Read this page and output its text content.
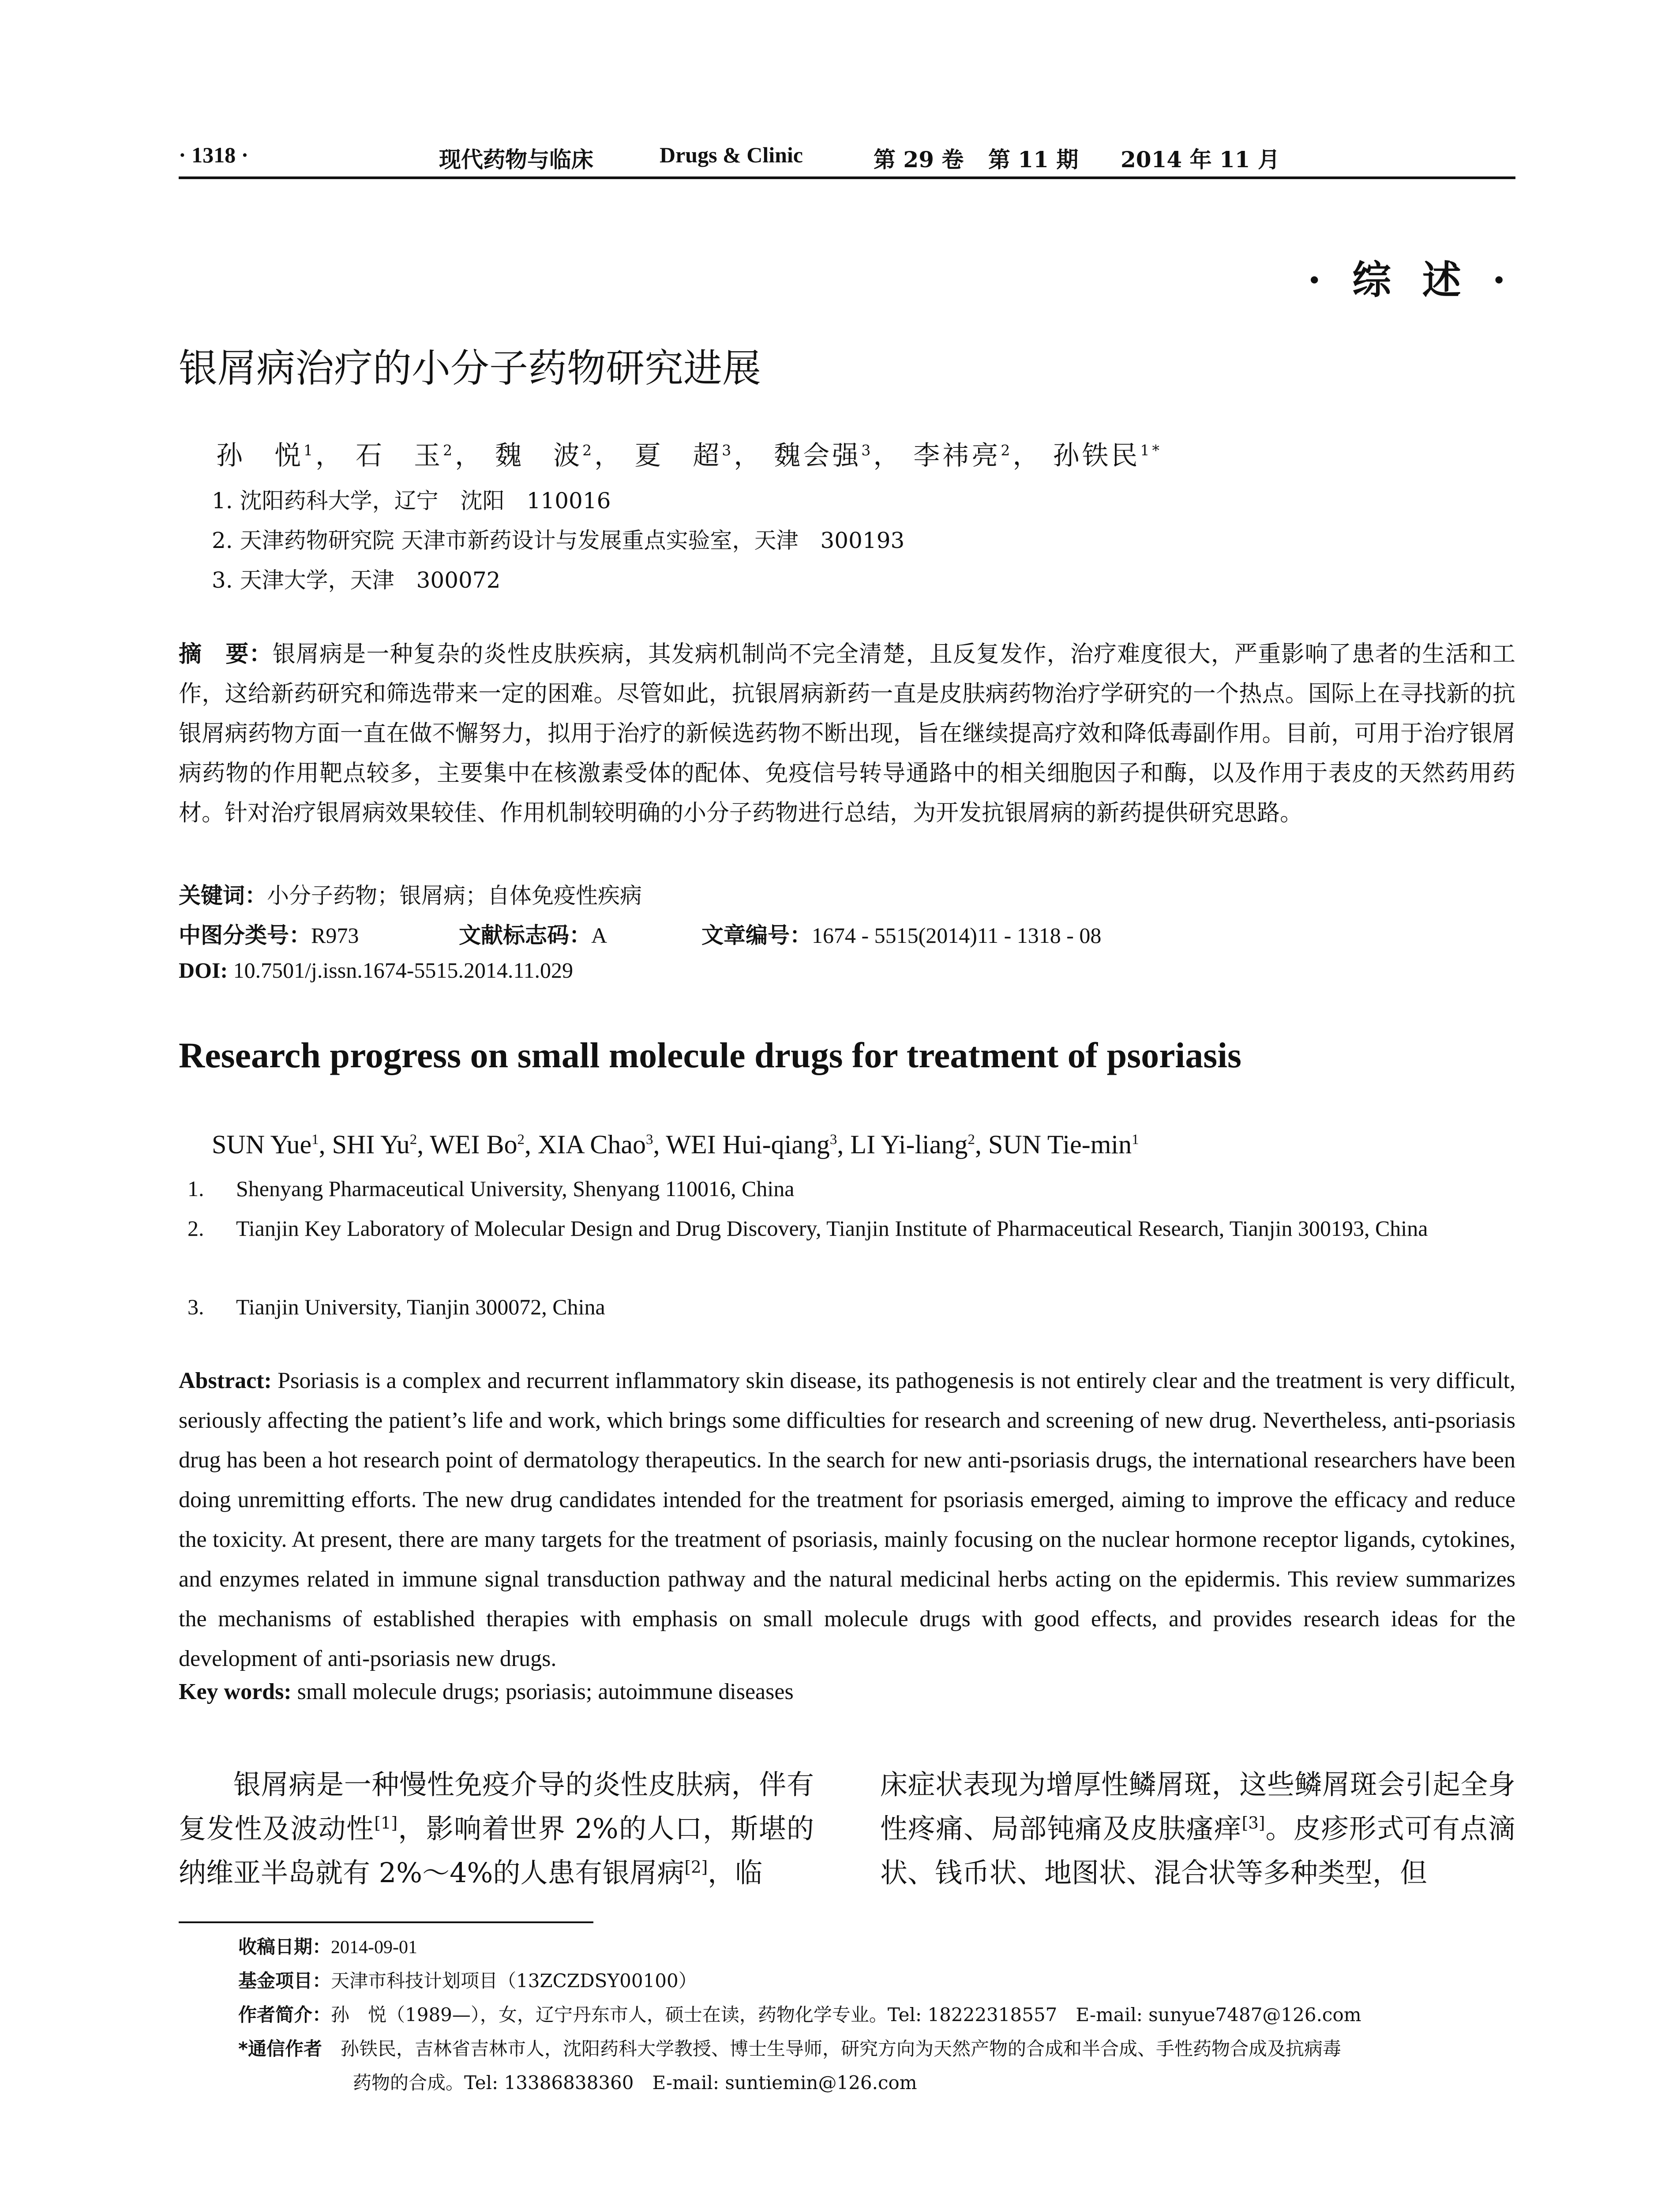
· 1318 ·	现代药物与临床	Drugs & Clinic	第 29 卷 第 11 期 2014 年 11 月
· 综 述 ·
银屑病治疗的小分子药物研究进展
孙　悦$^1$， 石　玉$^2$， 魏　波$^2$， 夏　超$^3$， 魏会强$^3$， 李祎亮$^2$， 孙铁民$^{1*}$
1. 沈阳药科大学，辽宁　沈阳　110016
2. 天津药物研究院 天津市新药设计与发展重点实验室，天津　300193
3. 天津大学，天津　300072
摘　要：银屑病是一种复杂的炎性皮肤疾病，其发病机制尚不完全清楚，且反复发作，治疗难度很大，严重影响了患者的生活和工作，这给新药研究和筛选带来一定的困难。尽管如此，抗银屑病新药一直是皮肤病药物治疗学研究的一个热点。国际上在寻找新的抗银屑病药物方面一直在做不懈努力，拟用于治疗的新候选药物不断出现，旨在继续提高疗效和降低毒副作用。目前，可用于治疗银屑病药物的作用靶点较多，主要集中在核激素受体的配体、免疫信号转导通路中的相关细胞因子和酶，以及作用于表皮的天然药用药材。针对治疗银屑病效果较佳、作用机制较明确的小分子药物进行总结，为开发抗银屑病的新药提供研究思路。
关键词：小分子药物；银屑病；自体免疫性疾病
中图分类号：R973	文献标志码：A	文章编号：1674 - 5515(2014)11 - 1318 - 08
DOI: 10.7501/j.issn.1674-5515.2014.11.029
Research progress on small molecule drugs for treatment of psoriasis
SUN Yue$^1$, SHI Yu$^2$, WEI Bo$^2$, XIA Chao$^3$, WEI Hui-qiang$^3$, LI Yi-liang$^2$, SUN Tie-$\min^1$
1. Shenyang Pharmaceutical University, Shenyang 110016, China
2. Tianjin Key Laboratory of Molecular Design and Drug Discovery, Tianjin Institute of Pharmaceutical Research, Tianjin 300193, China
3. Tianjin University, Tianjin 300072, China
Abstract: Psoriasis is a complex and recurrent inflammatory skin disease, its pathogenesis is not entirely clear and the treatment is very difficult, seriously affecting the patient’s life and work, which brings some difficulties for research and screening of new drug. Nevertheless, anti-psoriasis drug has been a hot research point of dermatology therapeutics. In the search for new anti-psoriasis drugs, the international researchers have been doing unremitting efforts. The new drug candidates intended for the treatment for psoriasis emerged, aiming to improve the efficacy and reduce the toxicity. At present, there are many targets for the treatment of psoriasis, mainly focusing on the nuclear hormone receptor ligands, cytokines, and enzymes related in immune signal transduction pathway and the natural medicinal herbs acting on the epidermis. This review summarizes the mechanisms of established therapies with emphasis on small molecule drugs with good effects, and provides research ideas for the development of anti-psoriasis new drugs.
Key words: small molecule drugs; psoriasis; autoimmune diseases
银屑病是一种慢性免疫介导的炎性皮肤病，伴有复发性及波动性[1]，影响着世界 2%的人口，斯堪的纳维亚半岛就有 2%～4%的人患有银屑病[2]，临
床症状表现为增厚性鳞屑斑，这些鳞屑斑会引起全身性疼痛、局部钝痛及皮肤瘙痒[3]。皮疹形式可有点滴状、钱币状、地图状、混合状等多种类型，但
收稿日期：2014-09-01
基金项目：天津市科技计划项目（13ZCZDSY00100）
作者简介：孙　悦（1989—），女，辽宁丹东市人，硕士在读，药物化学专业。Tel: 18222318557　E-mail: sunyue7487@126.com
*通信作者　 孙铁民，吉林省吉林市人，沈阳药科大学教授、博士生导师，研究方向为天然产物的合成和半合成、手性药物合成及抗病毒
药物的合成。Tel: 13386838360　E-mail: suntiemin@126.com
